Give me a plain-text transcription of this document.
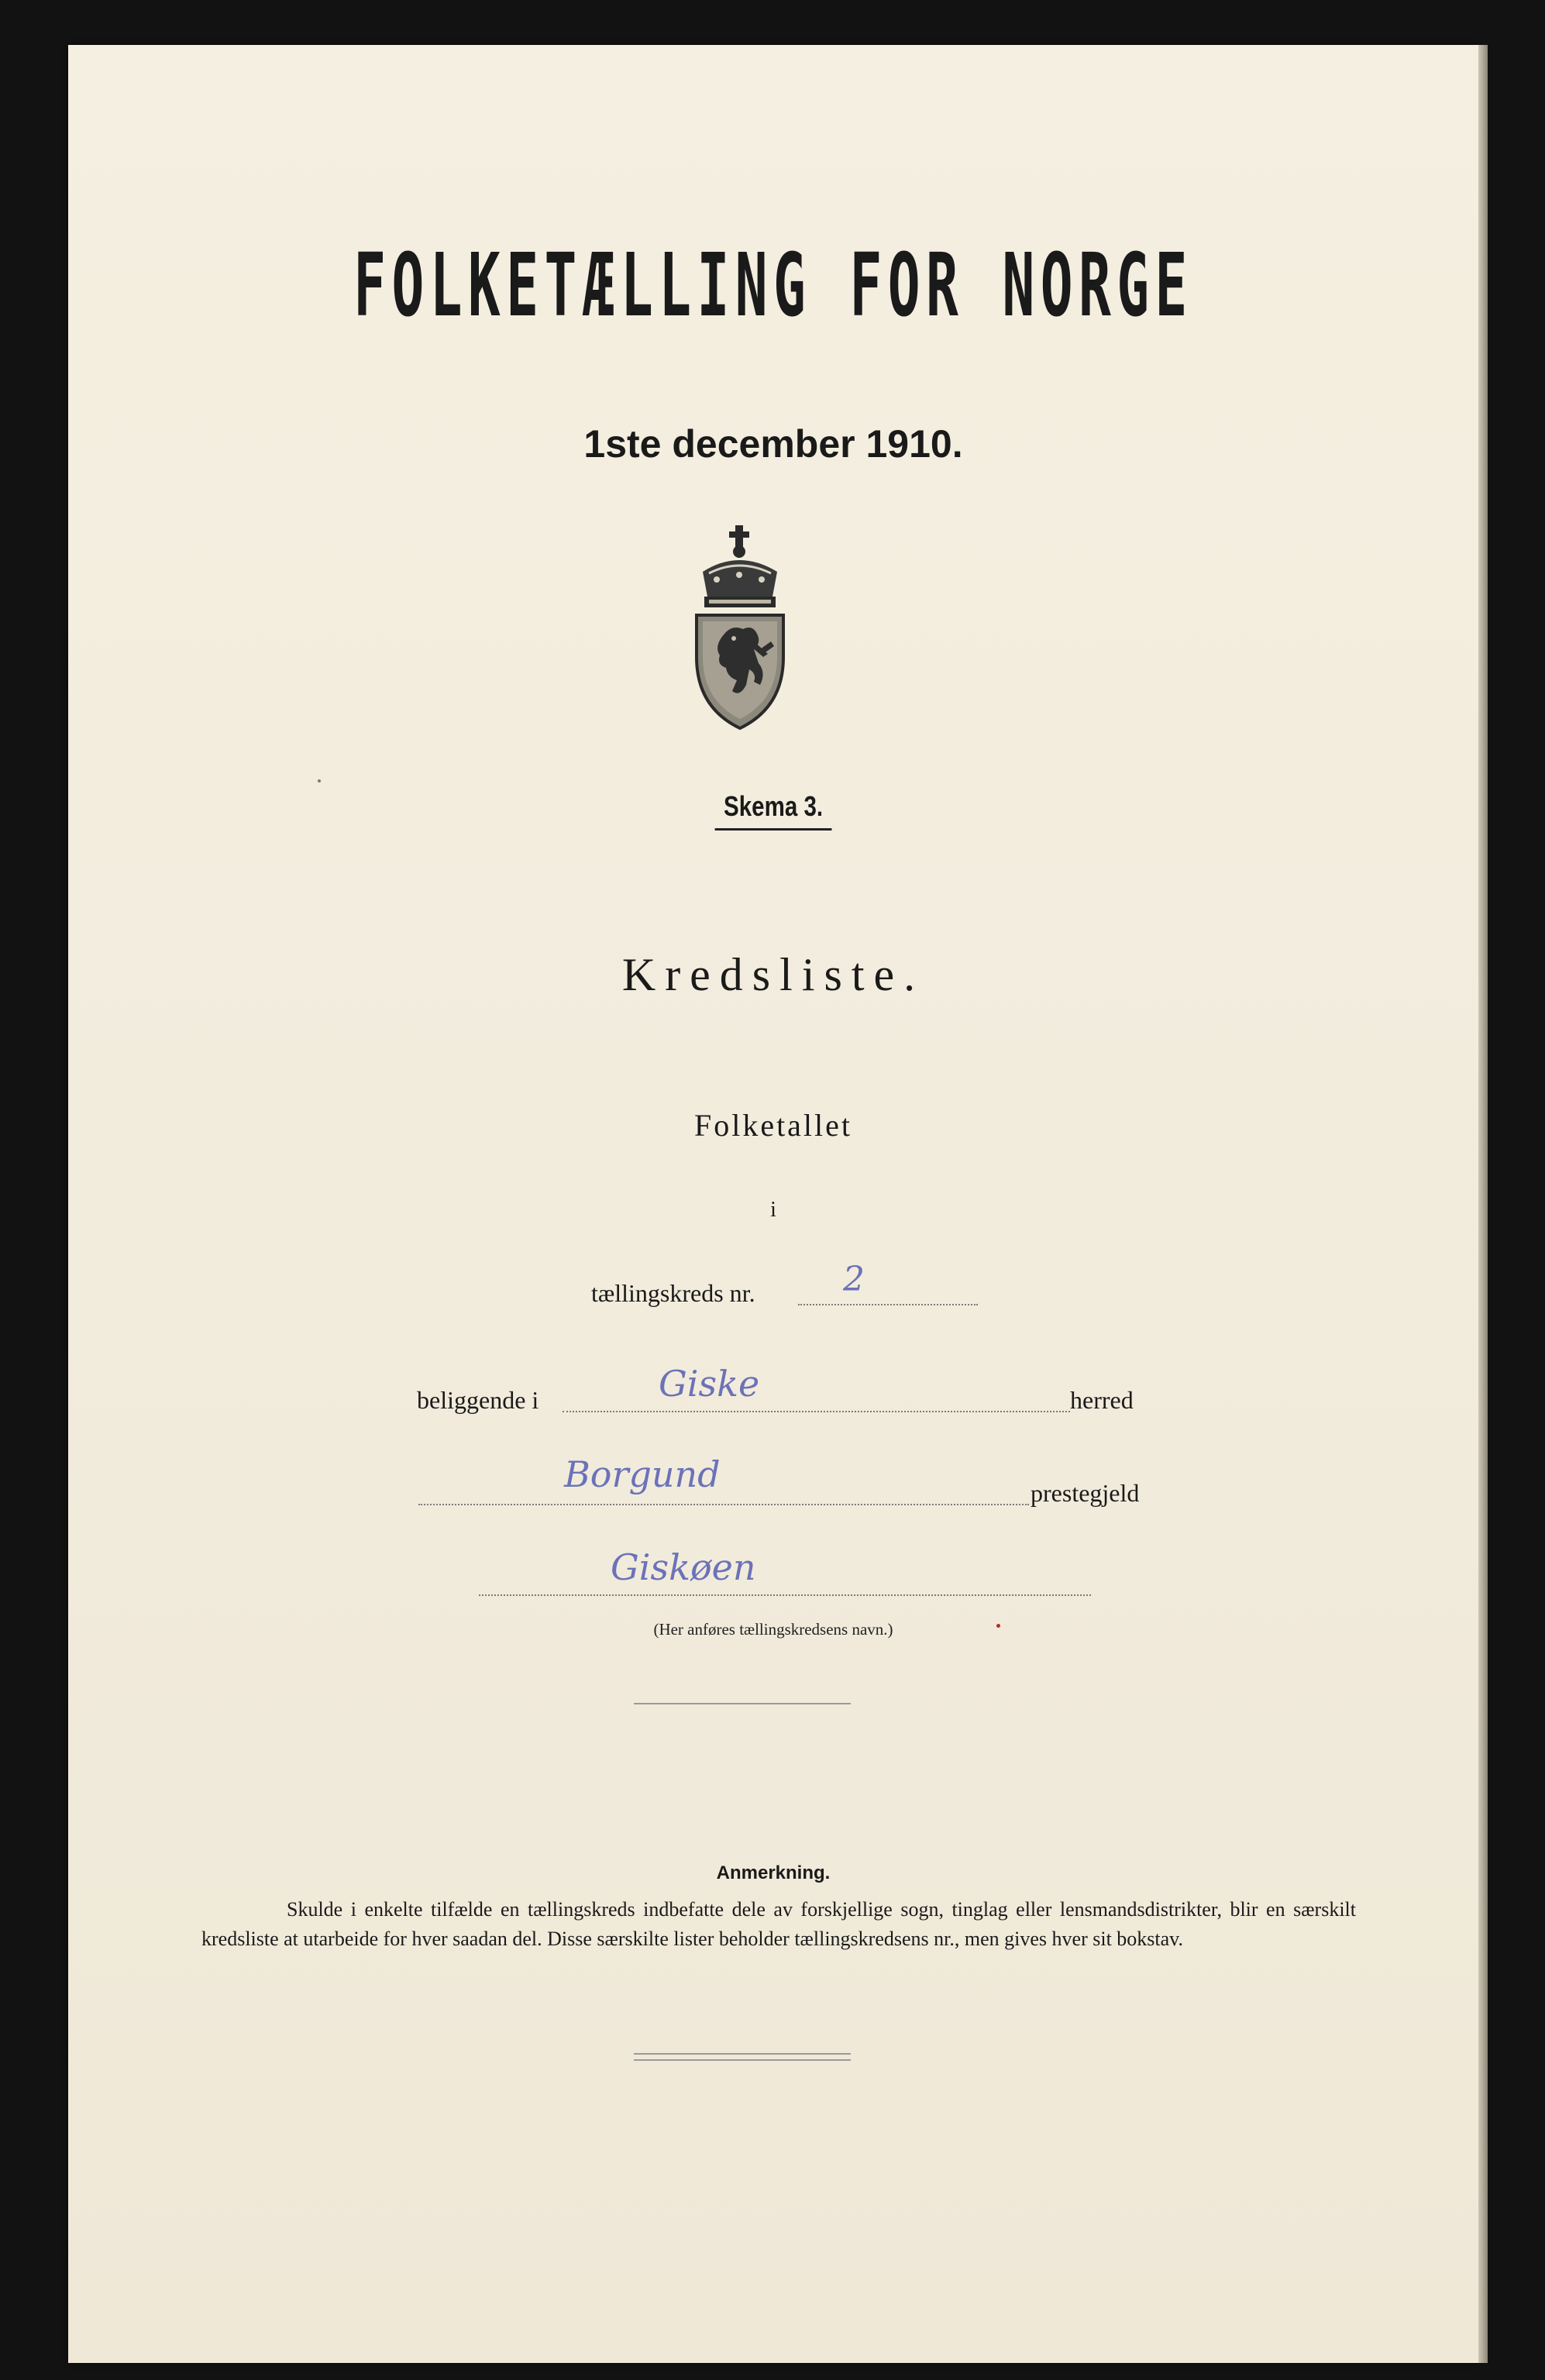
FOLKETÆLLING FOR NORGE
1ste december 1910.
Skema 3.
Kredsliste.
Folketallet
i
tællingskreds nr.	2
beliggende i	Giske	herred
Borgund	prestegjeld
Giskøen
(Her anføres tællingskredsens navn.)
Anmerkning.

Skulde i enkelte tilfælde en tællingskreds indbefatte dele av forskjellige sogn, tinglag eller lensmandsdistrikter, blir en særskilt kredsliste at utarbeide for hver saadan del. Disse særskilte lister beholder tællingskredsens nr., men gives hver sit bokstav.
